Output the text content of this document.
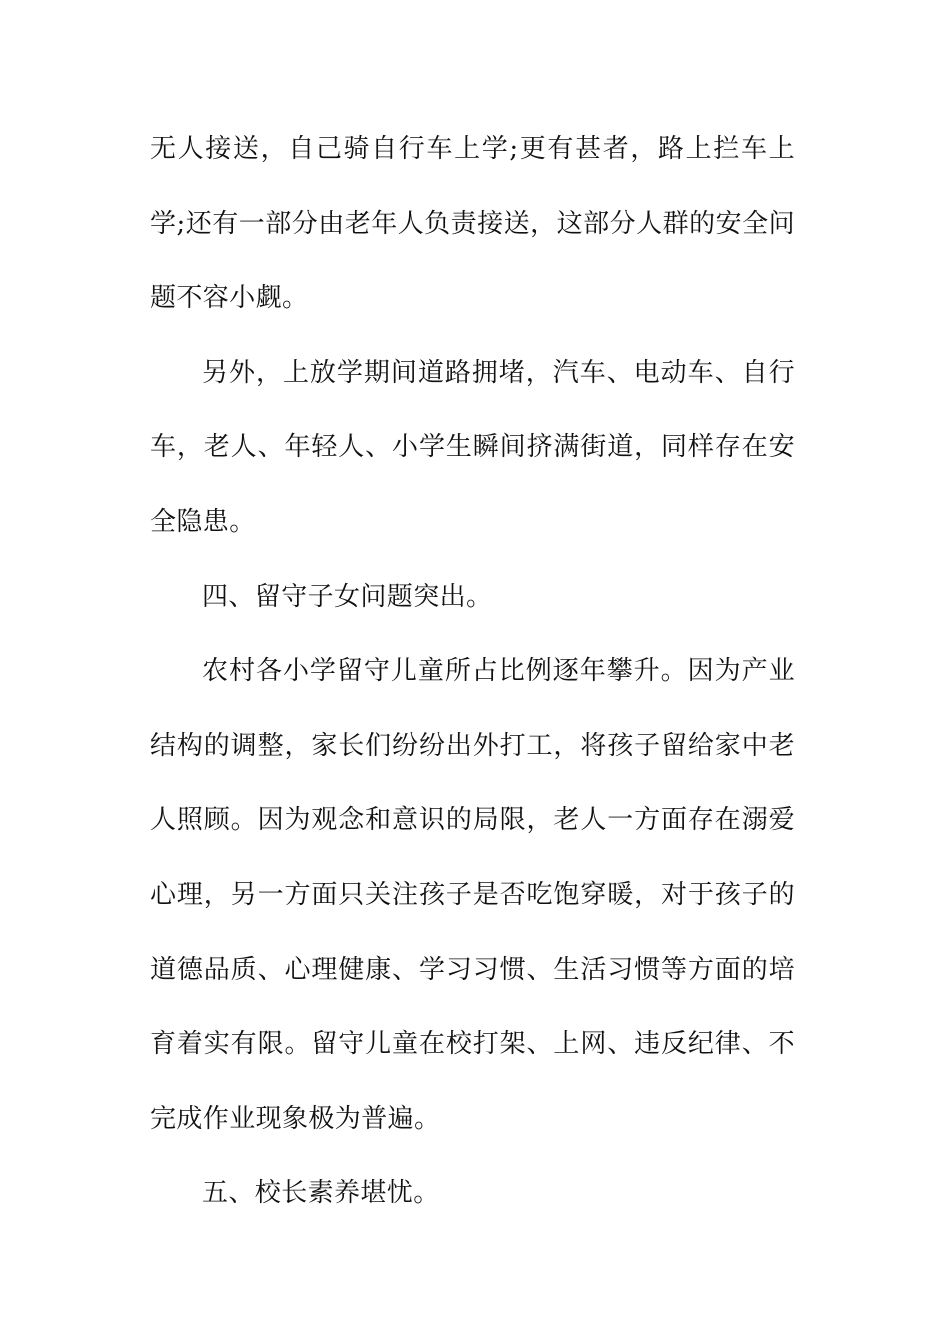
无人接送，自己骑自行车上学;更有甚者，路上拦车上学;还有一部分由老年人负责接送，这部分人群的安全问题不容小觑。

另外，上放学期间道路拥堵，汽车、电动车、自行车，老人、年轻人、小学生瞬间挤满街道，同样存在安全隐患。

四、留守子女问题突出。

农村各小学留守儿童所占比例逐年攀升。因为产业结构的调整，家长们纷纷出外打工，将孩子留给家中老人照顾。因为观念和意识的局限，老人一方面存在溺爱心理，另一方面只关注孩子是否吃饱穿暖，对于孩子的道德品质、心理健康、学习习惯、生活习惯等方面的培育着实有限。留守儿童在校打架、上网、违反纪律、不完成作业现象极为普遍。

五、校长素养堪忧。
